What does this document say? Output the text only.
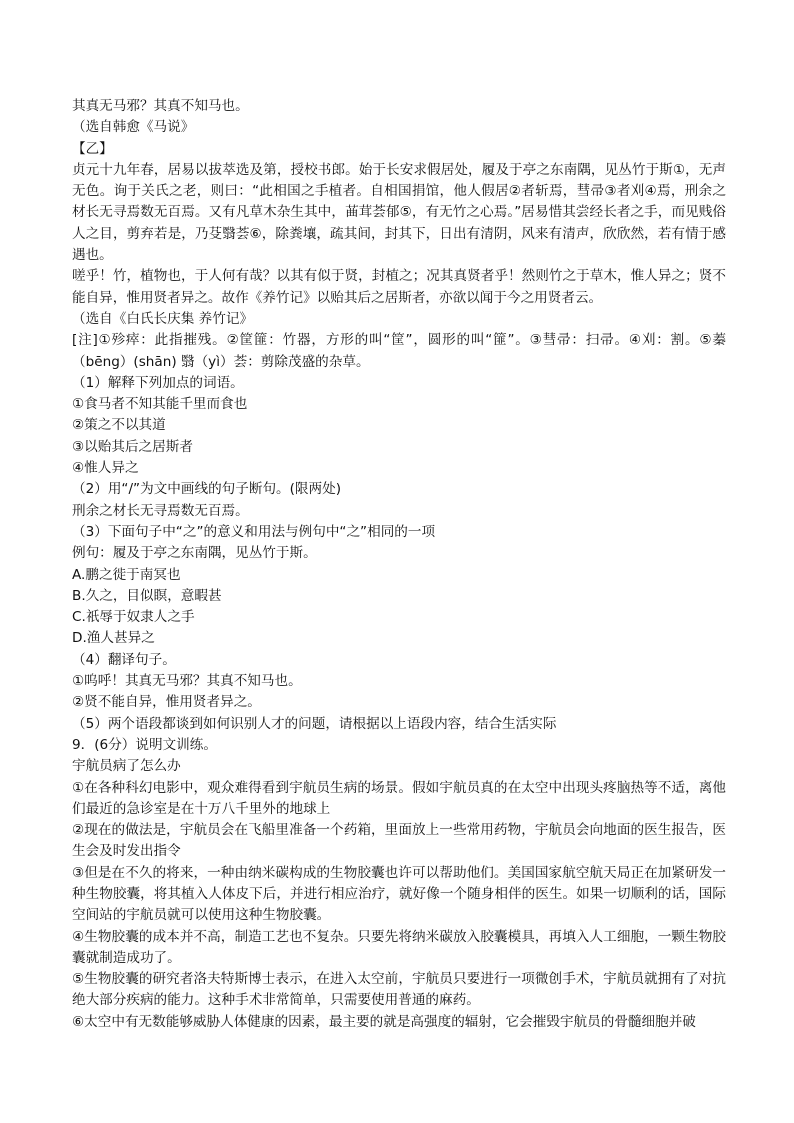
其真无马邪？其真不知马也。
（选自韩愈《马说》
【乙】
贞元十九年春，居易以拔萃选及第，授校书郎。始于长安求假居处，履及于亭之东南隅，见丛竹于斯①，无声无色。询于关氏之老，则曰：“此相国之手植者。自相国捐馆，他人假居②者斩焉，彗帚③者刈④焉，刑余之材长无寻焉数无百焉。又有凡草木杂生其中，䒼茸荟郁⑤，有无竹之心焉。”居易惜其尝经长者之手，而见贱俗人之目，剪弃若是，乃芟翳荟⑥，除粪壤，疏其间，封其下，日出有清阴，风来有清声，欣欣然，若有情于感遇也。
嗟乎！竹，植物也，于人何有哉？以其有似于贤，封植之；况其真贤者乎！然则竹之于草木，惟人异之；贤不能自异，惟用贤者异之。故作《养竹记》以贻其后之居斯者，亦欲以闻于今之用贤者云。
（选自《白氏长庆集 养竹记》
[注]①殄瘁：此指摧残。②筐篚：竹器，方形的叫“筐”，圆形的叫“篚”。③彗帚：扫帚。④刈：割。⑤蓁（bēng）(shān) 翳（yì）荟：剪除茂盛的杂草。
（1）解释下列加点的词语。
①食马者不知其能千里而食也
②策之不以其道
③以贻其后之居斯者
④惟人异之
（2）用“/”为文中画线的句子断句。(限两处)
刑余之材长无寻焉数无百焉。
（3）下面句子中“之”的意义和用法与例句中“之”相同的一项
例句：履及于亭之东南隅，见丛竹于斯。
A.鹏之徙于南冥也
B.久之，目似瞑，意暇甚
C.祇辱于奴隶人之手
D.渔人甚异之
（4）翻译句子。
①呜呼！其真无马邪？其真不知马也。
②贤不能自异，惟用贤者异之。
（5）两个语段都谈到如何识别人才的问题，请根据以上语段内容，结合生活实际
9．(6分）说明文训练。
宇航员病了怎么办
①在各种科幻电影中，观众难得看到宇航员生病的场景。假如宇航员真的在太空中出现头疼脑热等不适，离他们最近的急诊室是在十万八千里外的地球上
②现在的做法是，宇航员会在飞船里准备一个药箱，里面放上一些常用药物，宇航员会向地面的医生报告，医生会及时发出指令
③但是在不久的将来，一种由纳米碳构成的生物胶囊也许可以帮助他们。美国国家航空航天局正在加紧研发一种生物胶囊，将其植入人体皮下后，并进行相应治疗，就好像一个随身相伴的医生。如果一切顺利的话，国际空间站的宇航员就可以使用这种生物胶囊。
④生物胶囊的成本并不高，制造工艺也不复杂。只要先将纳米碳放入胶囊模具，再填入人工细胞，一颗生物胶囊就制造成功了。
⑤生物胶囊的研究者洛夫特斯博士表示，在进入太空前，宇航员只要进行一项微创手术，宇航员就拥有了对抗绝大部分疾病的能力。这种手术非常简单，只需要使用普通的麻药。
⑥太空中有无数能够威胁人体健康的因素，最主要的就是高强度的辐射，它会摧毁宇航员的骨髓细胞并破
